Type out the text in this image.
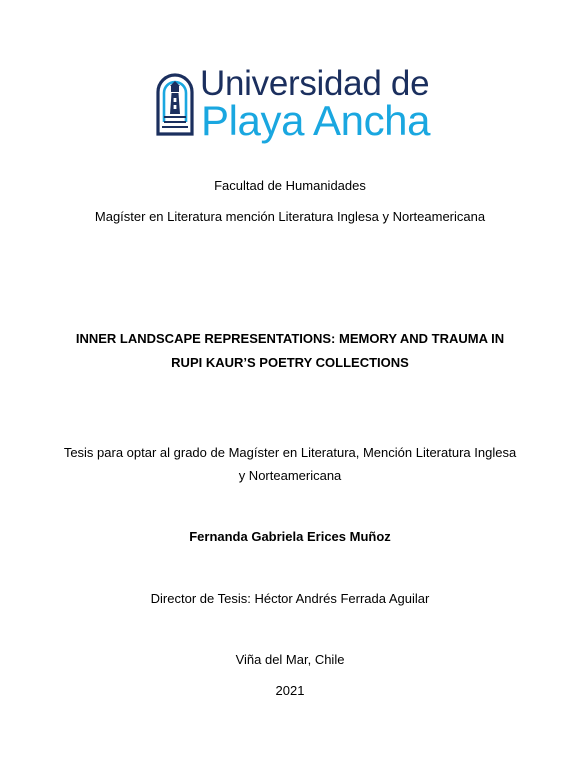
Universidad de
Playa Ancha
Facultad de Humanidades
Magíster en Literatura mención Literatura Inglesa y Norteamericana
INNER LANDSCAPE REPRESENTATIONS: MEMORY AND TRAUMA IN
RUPI KAUR’S POETRY COLLECTIONS
Tesis para optar al grado de Magíster en Literatura, Mención Literatura Inglesa
y Norteamericana
Fernanda Gabriela Erices Muñoz
Director de Tesis: Héctor Andrés Ferrada Aguilar
Viña del Mar, Chile
2021
